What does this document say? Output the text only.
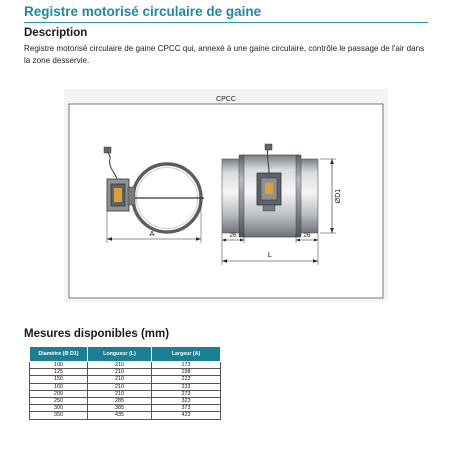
Registre motorisé circulaire de gaine
Description

Registre motorisé circulaire de gaine CPCC qui, annexé à une gaine circulaire, contrôle le passage de l'air dans la zone desservie.

CPCC
A	26	26
L
ØD1
Mesures disponibles (mm)
Diamètre (Ø D1)	Longueur (L)	Largeur (A)
100	210	173
125	210	198
150	210	223
160	210	233
200	210	273
250	285	323
300	385	373
350	435	423
